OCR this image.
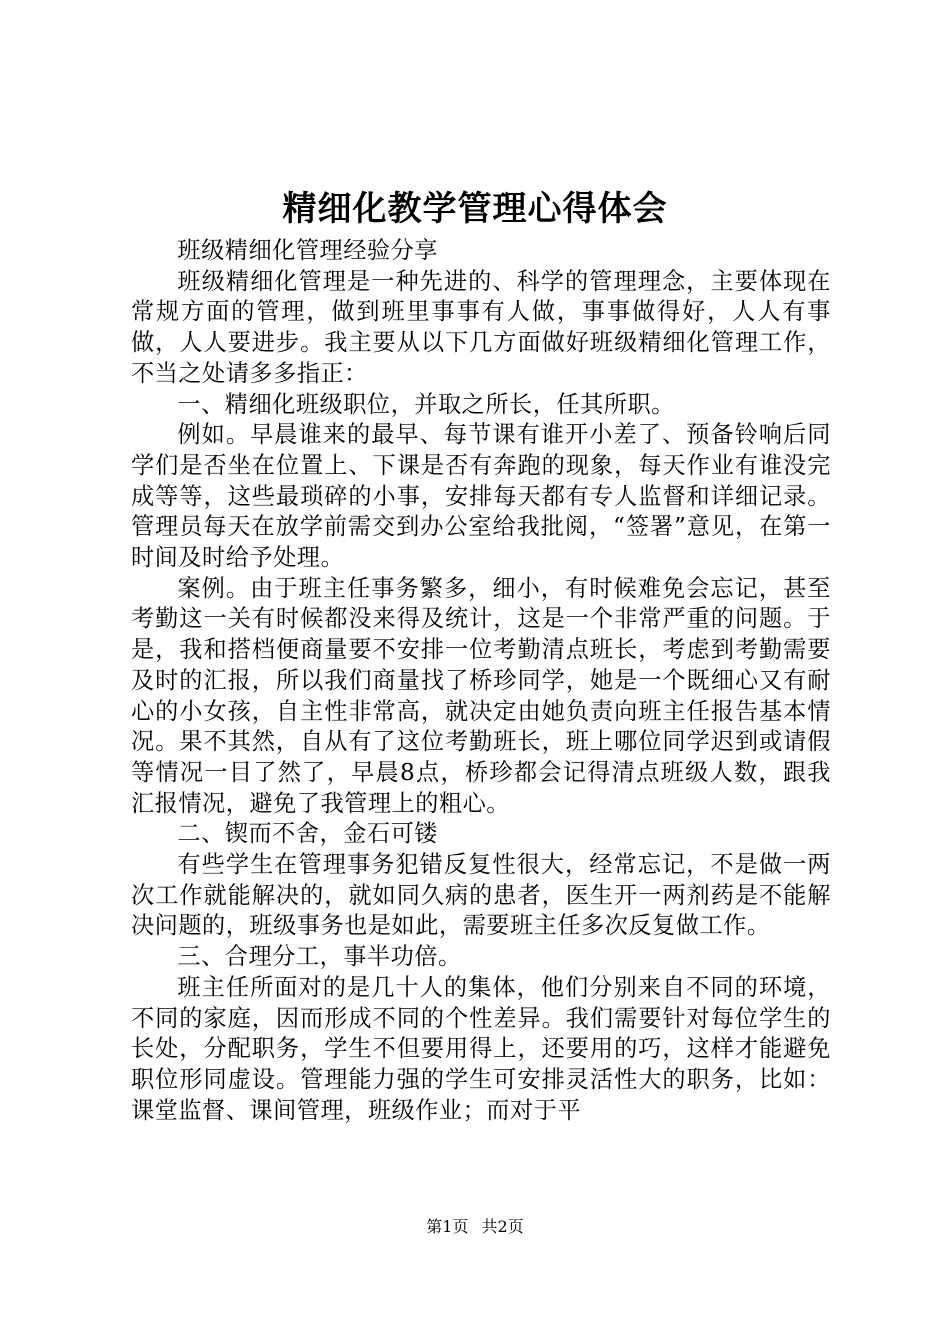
精细化教学管理心得体会

班级精细化管理经验分享

班级精细化管理是一种先进的、科学的管理理念，主要体现在常规方面的管理，做到班里事事有人做，事事做得好，人人有事做，人人要进步。我主要从以下几方面做好班级精细化管理工作，不当之处请多多指正：

一、精细化班级职位，并取之所长，任其所职。

例如。早晨谁来的最早、每节课有谁开小差了、预备铃响后同学们是否坐在位置上、下课是否有奔跑的现象，每天作业有谁没完成等等，这些最琐碎的小事，安排每天都有专人监督和详细记录。管理员每天在放学前需交到办公室给我批阅，“签署”意见，在第一时间及时给予处理。

案例。由于班主任事务繁多，细小，有时候难免会忘记，甚至考勤这一关有时候都没来得及统计，这是一个非常严重的问题。于是，我和搭档便商量要不安排一位考勤清点班长，考虑到考勤需要及时的汇报，所以我们商量找了桥珍同学，她是一个既细心又有耐心的小女孩，自主性非常高，就决定由她负责向班主任报告基本情况。果不其然，自从有了这位考勤班长，班上哪位同学迟到或请假等情况一目了然了，早晨8点，桥珍都会记得清点班级人数，跟我汇报情况，避免了我管理上的粗心。

二、锲而不舍，金石可镂

有些学生在管理事务犯错反复性很大，经常忘记，不是做一两次工作就能解决的，就如同久病的患者，医生开一两剂药是不能解决问题的，班级事务也是如此，需要班主任多次反复做工作。

三、合理分工，事半功倍。

班主任所面对的是几十人的集体，他们分别来自不同的环境，不同的家庭，因而形成不同的个性差异。我们需要针对每位学生的长处，分配职务，学生不但要用得上，还要用的巧，这样才能避免职位形同虚设。管理能力强的学生可安排灵活性大的职务，比如：课堂监督、课间管理，班级作业；而对于平

第1页 共2页
